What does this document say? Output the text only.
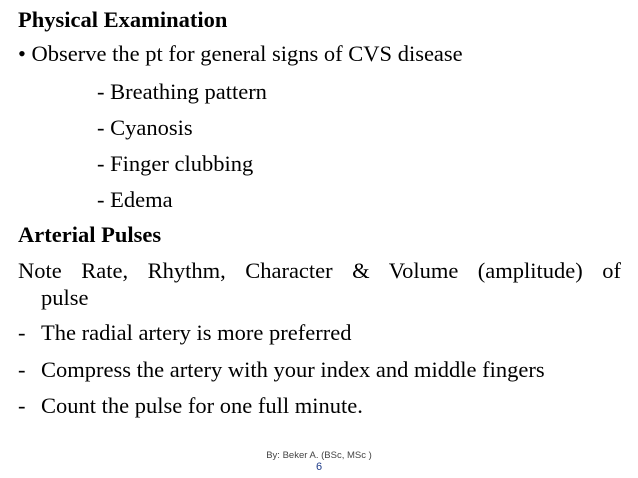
Physical Examination
• Observe the pt for general signs of CVS disease
- Breathing pattern
- Cyanosis
- Finger clubbing
- Edema
Arterial Pulses
Note Rate, Rhythm, Character & Volume (amplitude) of
pulse
- The radial artery is more preferred
- Compress the artery with your index and middle fingers
- Count the pulse for one full minute.
By: Beker A. (BSc, MSc )
6
